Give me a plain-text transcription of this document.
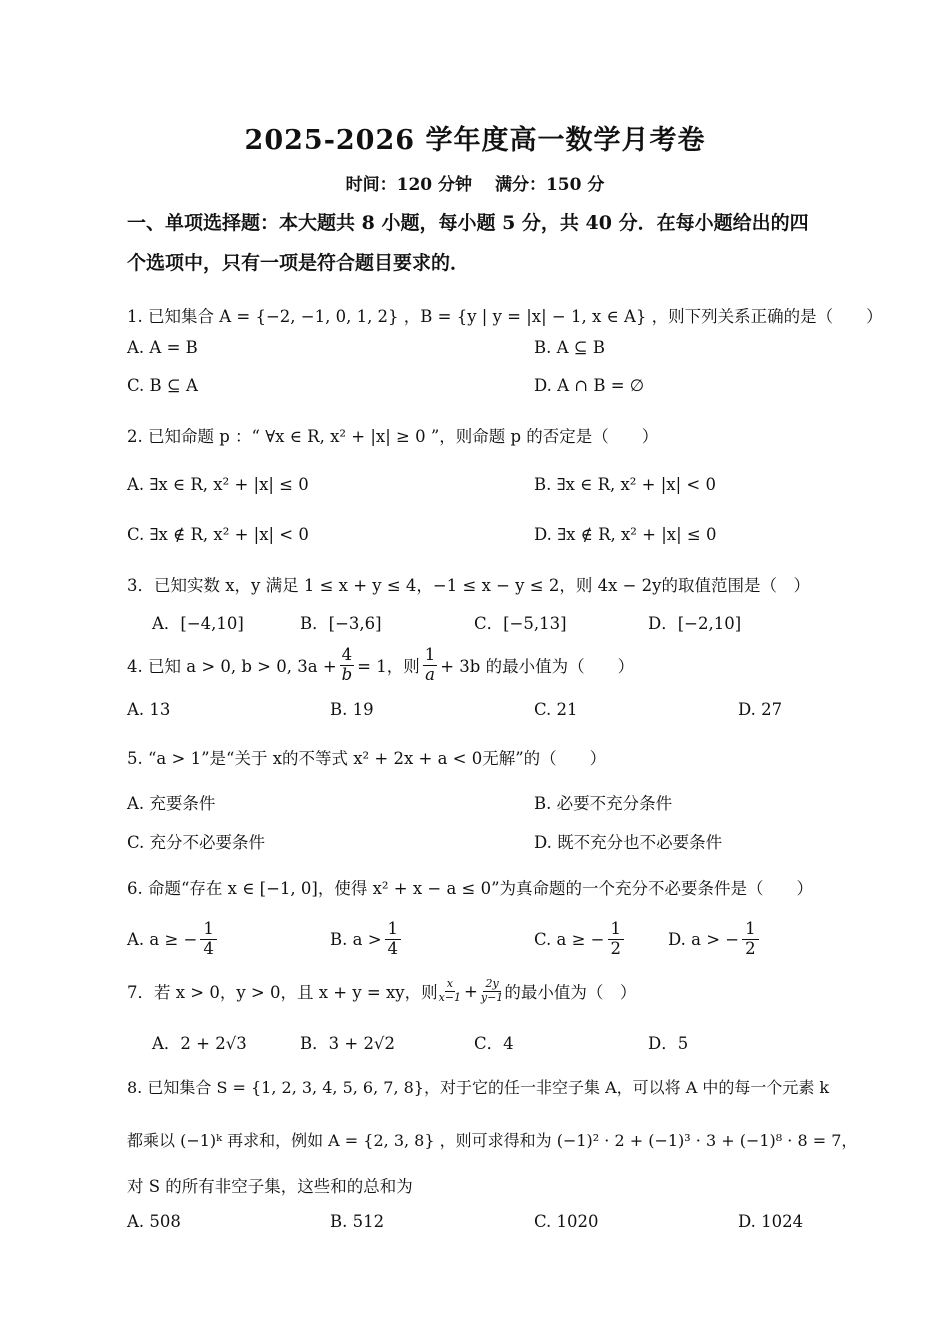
2025-2026 学年度高一数学月考卷
时间：120 分钟　 满分：150 分
一、单项选择题：本大题共 8 小题，每小题 5 分，共 40 分．在每小题给出的四
个选项中，只有一项是符合题目要求的．
1. 已知集合 A = {−2, −1, 0, 1, 2} ，B = {y | y = |x| − 1, x ∈ A} ，则下列关系正确的是（　　）
A. A = B	B. A ⊆ B
C. B ⊆ A	D. A ∩ B = ∅
2. 已知命题 p ：“ ∀x ∈ R, x² + |x| ≥ 0 ”，则命题 p 的否定是（　　）
A. ∃x ∈ R, x² + |x| ≤ 0	B. ∃x ∈ R, x² + |x| < 0
C. ∃x ∉ R, x² + |x| < 0	D. ∃x ∉ R, x² + |x| ≤ 0
3．已知实数 x，y 满足 1 ≤ x + y ≤ 4，−1 ≤ x − y ≤ 2，则 4x − 2y的取值范围是（　）
A．[−4,10]	B．[−3,6]	C．[−5,13]	D．[−2,10]
4. 已知 a > 0, b > 0, $3a + \frac{4}{b} = 1$，则 $\frac{1}{a} + 3b$ 的最小值为（　　）
A. 13	B. 19	C. 21	D. 27
5. “a > 1”是“关于 x的不等式 x² + 2x + a < 0无解”的（　　）
A. 充要条件	B. 必要不充分条件
C. 充分不必要条件	D. 既不充分也不必要条件
6. 命题“存在 x ∈ [−1, 0]，使得 x² + x − a ≤ 0”为真命题的一个充分不必要条件是（　　）
A. a ≥ − $\frac{1}{4}$	B. $a > \frac{1}{4}$	C. a ≥ − $\frac{1}{2}$	D. a > − $\frac{1}{2}$
7．若 x > 0，y > 0，且 x + y = xy，则 $\frac{x}{x-1} + \frac{2y}{y-1}$ 的最小值为（　）
A．2 + 2√3	B．3 + 2√2	C．4	D．5
8. 已知集合 S = {1, 2, 3, 4, 5, 6, 7, 8}，对于它的任一非空子集 A，可以将 A 中的每一个元素 k
都乘以 (−1)ᵏ 再求和，例如 A = {2, 3, 8} ，则可求得和为 (−1)² · 2 + (−1)³ · 3 + (−1)⁸ · 8 = 7，
对 S 的所有非空子集，这些和的总和为
A. 508	B. 512	C. 1020	D. 1024
